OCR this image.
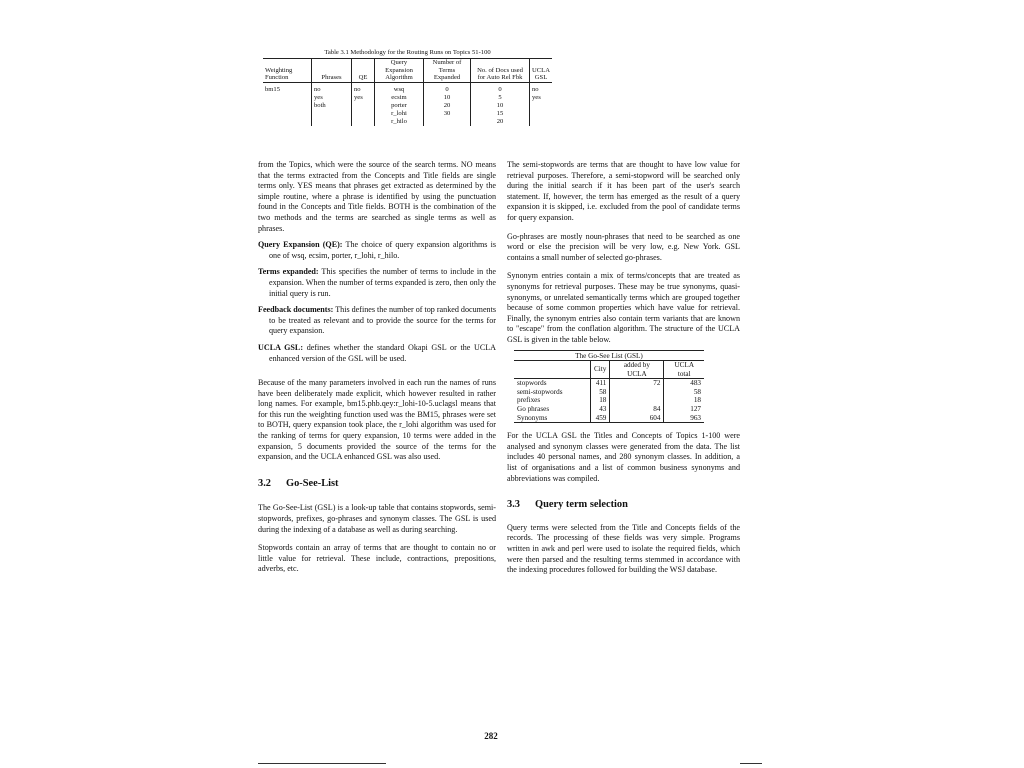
Table 3.1 Methodology for the Routing Runs on Topics 51-100
Weighting Function	Phrases	QE	Query Expansion Algorithm	Number of Terms Expanded	No. of Docs used for Auto Rel Fbk	UCLA GSL
bm15	no	no	wsq	0	0	no
	yes	yes	ecsim	10	5	yes
	both		porter	20	10	
			r_lohi	30	15	
			r_hilo		20	

from the Topics, which were the source of the search terms. NO means that the terms extracted from the Concepts and Title fields are single terms only. YES means that phrases get extracted as determined by the simple routine, where a phrase is identified by using the punctuation found in the Concepts and Title fields. BOTH is the combination of the two methods and the terms are searched as single terms as well as phrases.

Query Expansion (QE): The choice of query expansion algorithms is one of wsq, ecsim, porter, r_lohi, r_hilo.

Terms expanded: This specifies the number of terms to include in the expansion. When the number of terms expanded is zero, then only the initial query is run.

Feedback documents: This defines the number of top ranked documents to be treated as relevant and to provide the source for the terms for query expansion.

UCLA GSL: defines whether the standard Okapi GSL or the UCLA enhanced version of the GSL will be used.

Because of the many parameters involved in each run the names of runs have been deliberately made explicit, which however resulted in rather long names. For example, bm15.phb.qey:r_lohi-10-5.uclagsl means that for this run the weighting function used was the BM15, phrases were set to BOTH, query expansion took place, the r_lohi algorithm was used for the ranking of terms for query expansion, 10 terms were added in the expansion, 5 documents provided the source of the terms for the expansion, and the UCLA enhanced GSL was also used.

3.2 Go-See-List

The Go-See-List (GSL) is a look-up table that contains stopwords, semi-stopwords, prefixes, go-phrases and synonym classes. The GSL is used during the indexing of a database as well as during searching.

Stopwords contain an array of terms that are thought to contain no or little value for retrieval. These include, contractions, prepositions, adverbs, etc.

The semi-stopwords are terms that are thought to have low value for retrieval purposes. Therefore, a semi-stopword will be searched only during the initial search if it has been part of the user's search statement. If, however, the term has emerged as the result of a query expansion it is skipped, i.e. excluded from the pool of candidate terms for query expansion.

Go-phrases are mostly noun-phrases that need to be searched as one word or else the precision will be very low, e.g. New York. GSL contains a small number of selected go-phrases.

Synonym entries contain a mix of terms/concepts that are treated as synonyms for retrieval purposes. These may be true synonyms, quasi-synonyms, or unrelated semantically terms which are grouped together because of some common properties which have value for retrieval. Finally, the synonym entries also contain term variants that are known to "escape" from the conflation algorithm. The structure of the UCLA GSL is given in the table below.

The Go-See List (GSL)
	City	added by UCLA	UCLA total
stopwords	411	72	483
semi-stopwords	58		58
prefixes	18		18
Go phrases	43	84	127
Synonyms	459	604	963

For the UCLA GSL the Titles and Concepts of Topics 1-100 were analysed and synonym classes were generated from the data. The list includes 40 personal names, and 280 synonym classes. In addition, a list of organisations and a list of common business synonyms and abbreviations was compiled.

3.3 Query term selection

Query terms were selected from the Title and Concepts fields of the records. The processing of these fields was very simple. Programs written in awk and perl were used to isolate the required fields, which were then parsed and the resulting terms stemmed in accordance with the indexing procedures followed for building the WSJ database.

282
